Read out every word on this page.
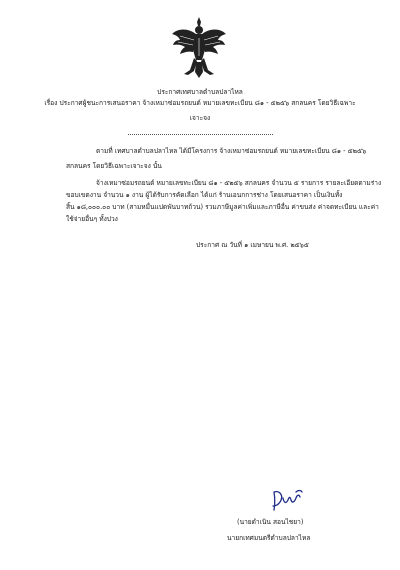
ประกาศเทศบาลตำบลปลาไหล
เรื่อง ประกาศผู้ชนะการเสนอราคา จ้างเหมาซ่อมรถยนต์ หมายเลขทะเบียน ๘๑ - ๕๒๕๖ สกลนคร โดยวิธีเฉพาะ
เจาะจง
ตามที่ เทศบาลตำบลปลาไหล ได้มีโครงการ จ้างเหมาซ่อมรถยนต์ หมายเลขทะเบียน ๘๑ - ๕๒๕๖
สกลนคร โดยวิธีเฉพาะเจาะจง นั้น
จ้างเหมาซ่อมรถยนต์ หมายเลขทะเบียน ๘๑ - ๕๒๕๖ สกลนคร จำนวน ๕ รายการ รายละเอียดตามร่าง
ขอบเขตงาน จำนวน ๑ งาน ผู้ได้รับการคัดเลือก ได้แก่ ร้านเอนกการช่าง โดยเสนอราคา เป็นเงินทั้ง
สิ้น ๑๘,๐๐๐.๐๐ บาท (สามหมื่นแปดพันบาทถ้วน) รวมภาษีมูลค่าเพิ่มและภาษีอื่น ค่าขนส่ง ค่าจดทะเบียน และค่า
ใช้จ่ายอื่นๆ ทั้งปวง
ประกาศ ณ วันที่ ๑ เมษายน พ.ศ. ๒๕๖๕
(นายดำเนิน สอนไชยา)
นายกเทศมนตรีตำบลปลาไหล
